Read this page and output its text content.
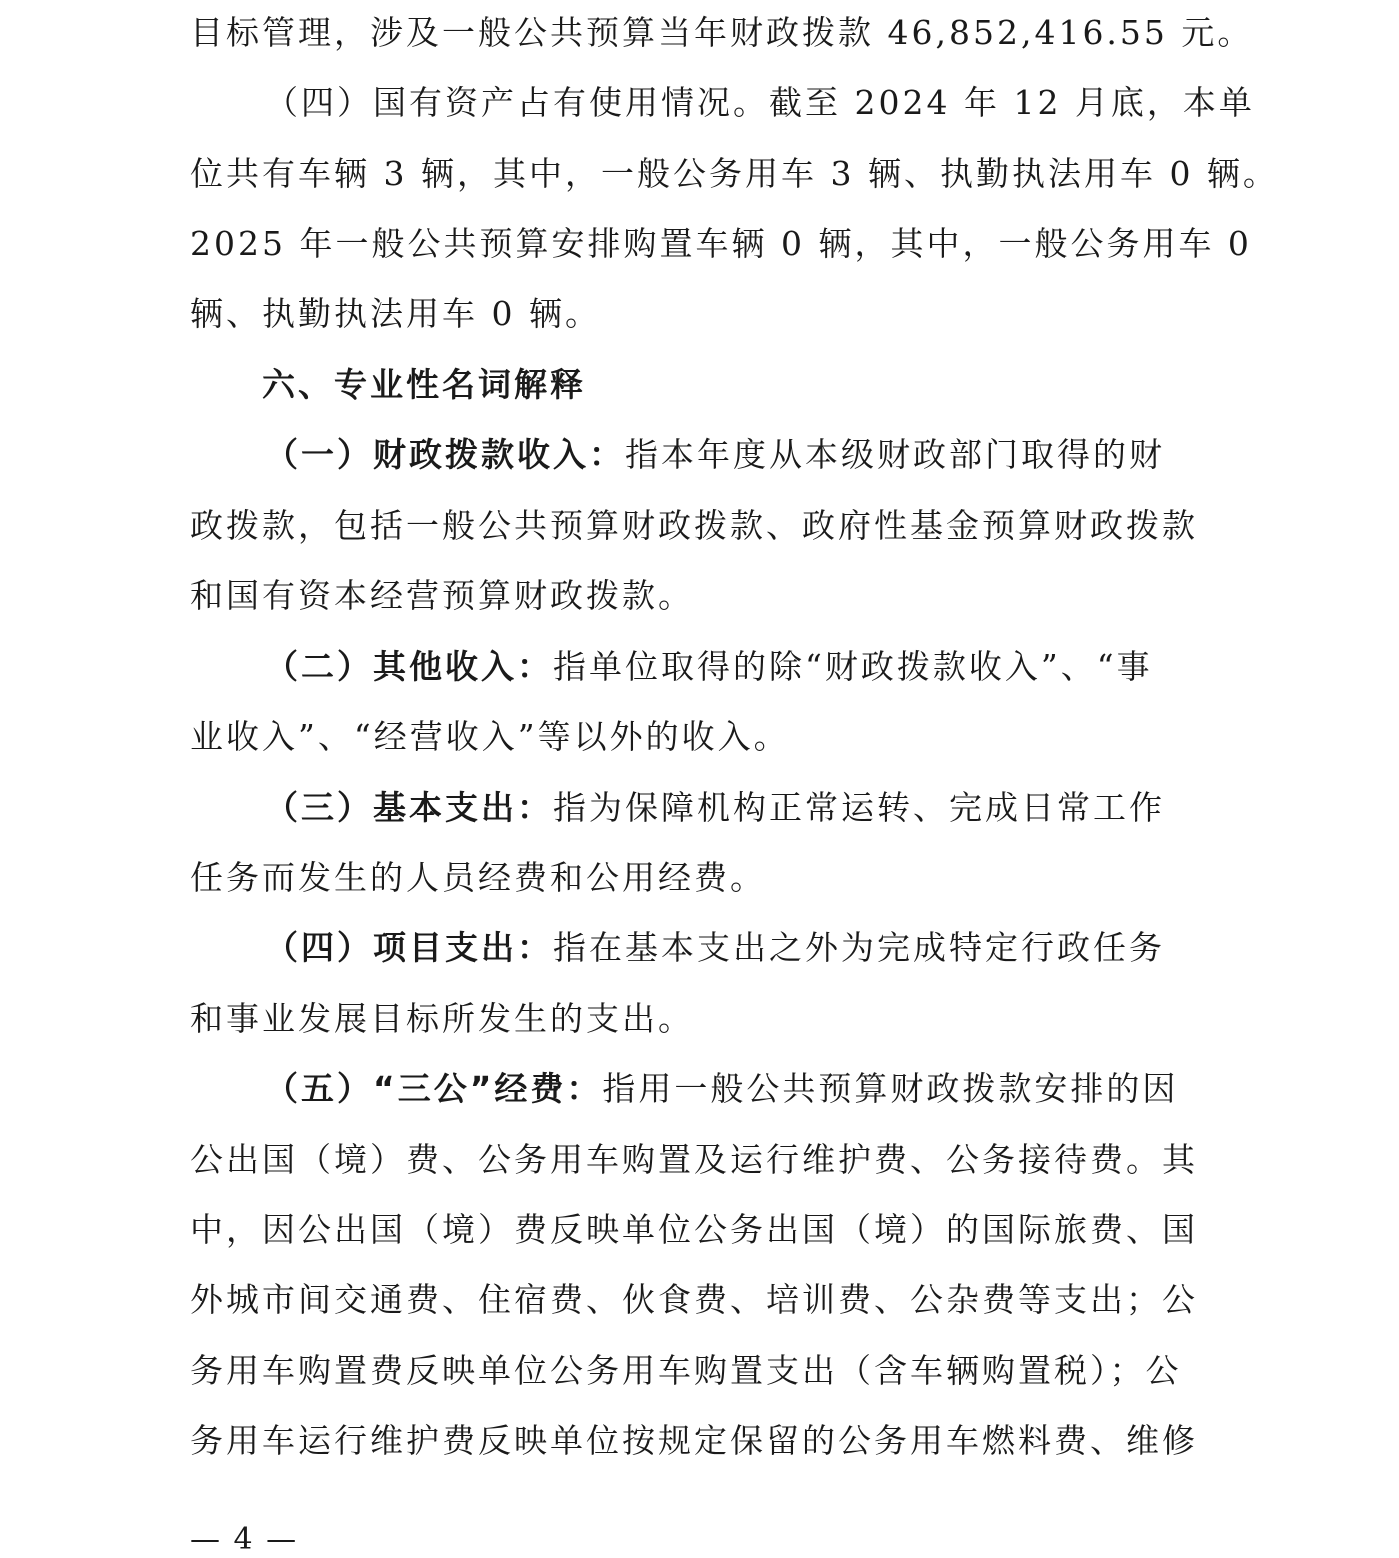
目标管理，涉及一般公共预算当年财政拨款 46,852,416.55 元。
（四）国有资产占有使用情况。截至 2024 年 12 月底，本单
位共有车辆 3 辆，其中，一般公务用车 3 辆、执勤执法用车 0 辆。
2025 年一般公共预算安排购置车辆 0 辆，其中，一般公务用车 0
辆、执勤执法用车 0 辆。
六、专业性名词解释
（一）财政拨款收入：指本年度从本级财政部门取得的财
政拨款，包括一般公共预算财政拨款、政府性基金预算财政拨款
和国有资本经营预算财政拨款。
（二）其他收入：指单位取得的除“财政拨款收入”、“事
业收入”、“经营收入”等以外的收入。
（三）基本支出：指为保障机构正常运转、完成日常工作
任务而发生的人员经费和公用经费。
（四）项目支出：指在基本支出之外为完成特定行政任务
和事业发展目标所发生的支出。
（五）“三公”经费：指用一般公共预算财政拨款安排的因
公出国（境）费、公务用车购置及运行维护费、公务接待费。其
中，因公出国（境）费反映单位公务出国（境）的国际旅费、国
外城市间交通费、住宿费、伙食费、培训费、公杂费等支出；公
务用车购置费反映单位公务用车购置支出（含车辆购置税）；公
务用车运行维护费反映单位按规定保留的公务用车燃料费、维修
— 4 —
